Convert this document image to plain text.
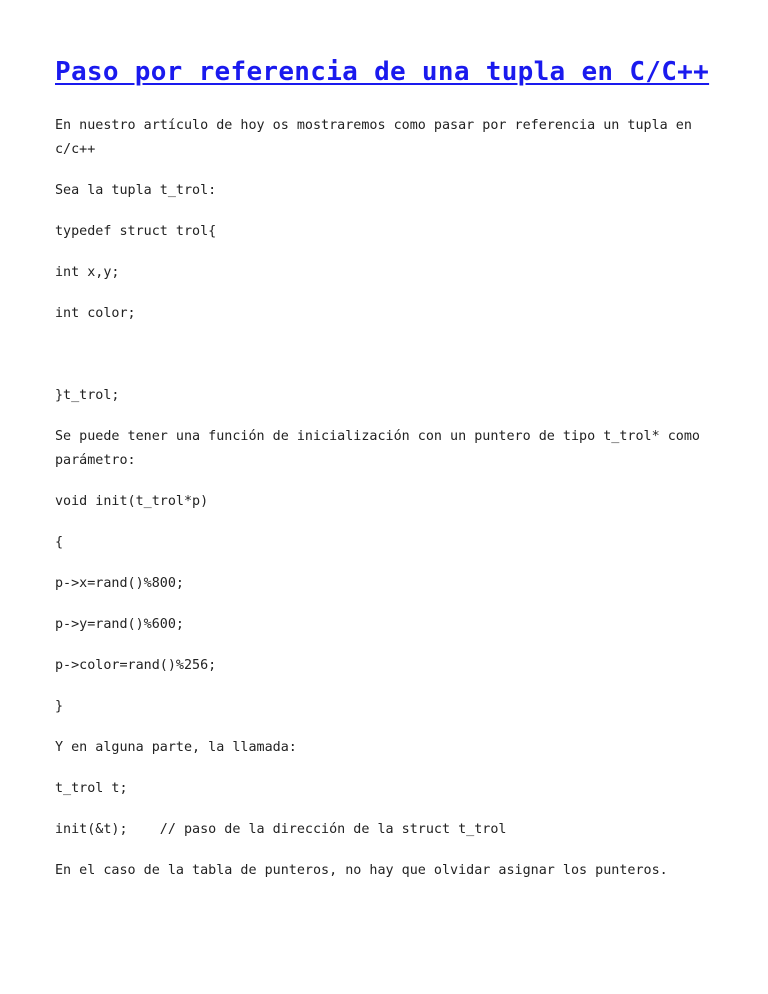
Paso por referencia de una tupla en C/C++

En nuestro artículo de hoy os mostraremos como pasar por referencia un tupla en c/c++

Sea la tupla t_trol:

typedef struct trol{

int x,y;

int color;

}t_trol;

Se puede tener una función de inicialización con un puntero de tipo t_trol* como parámetro:

void init(t_trol*p)

{

p->x=rand()%800;

p->y=rand()%600;

p->color=rand()%256;

}

Y en alguna parte, la llamada:

t_trol t;

init(&t);    // paso de la dirección de la struct t_trol

En el caso de la tabla de punteros, no hay que olvidar asignar los punteros.
